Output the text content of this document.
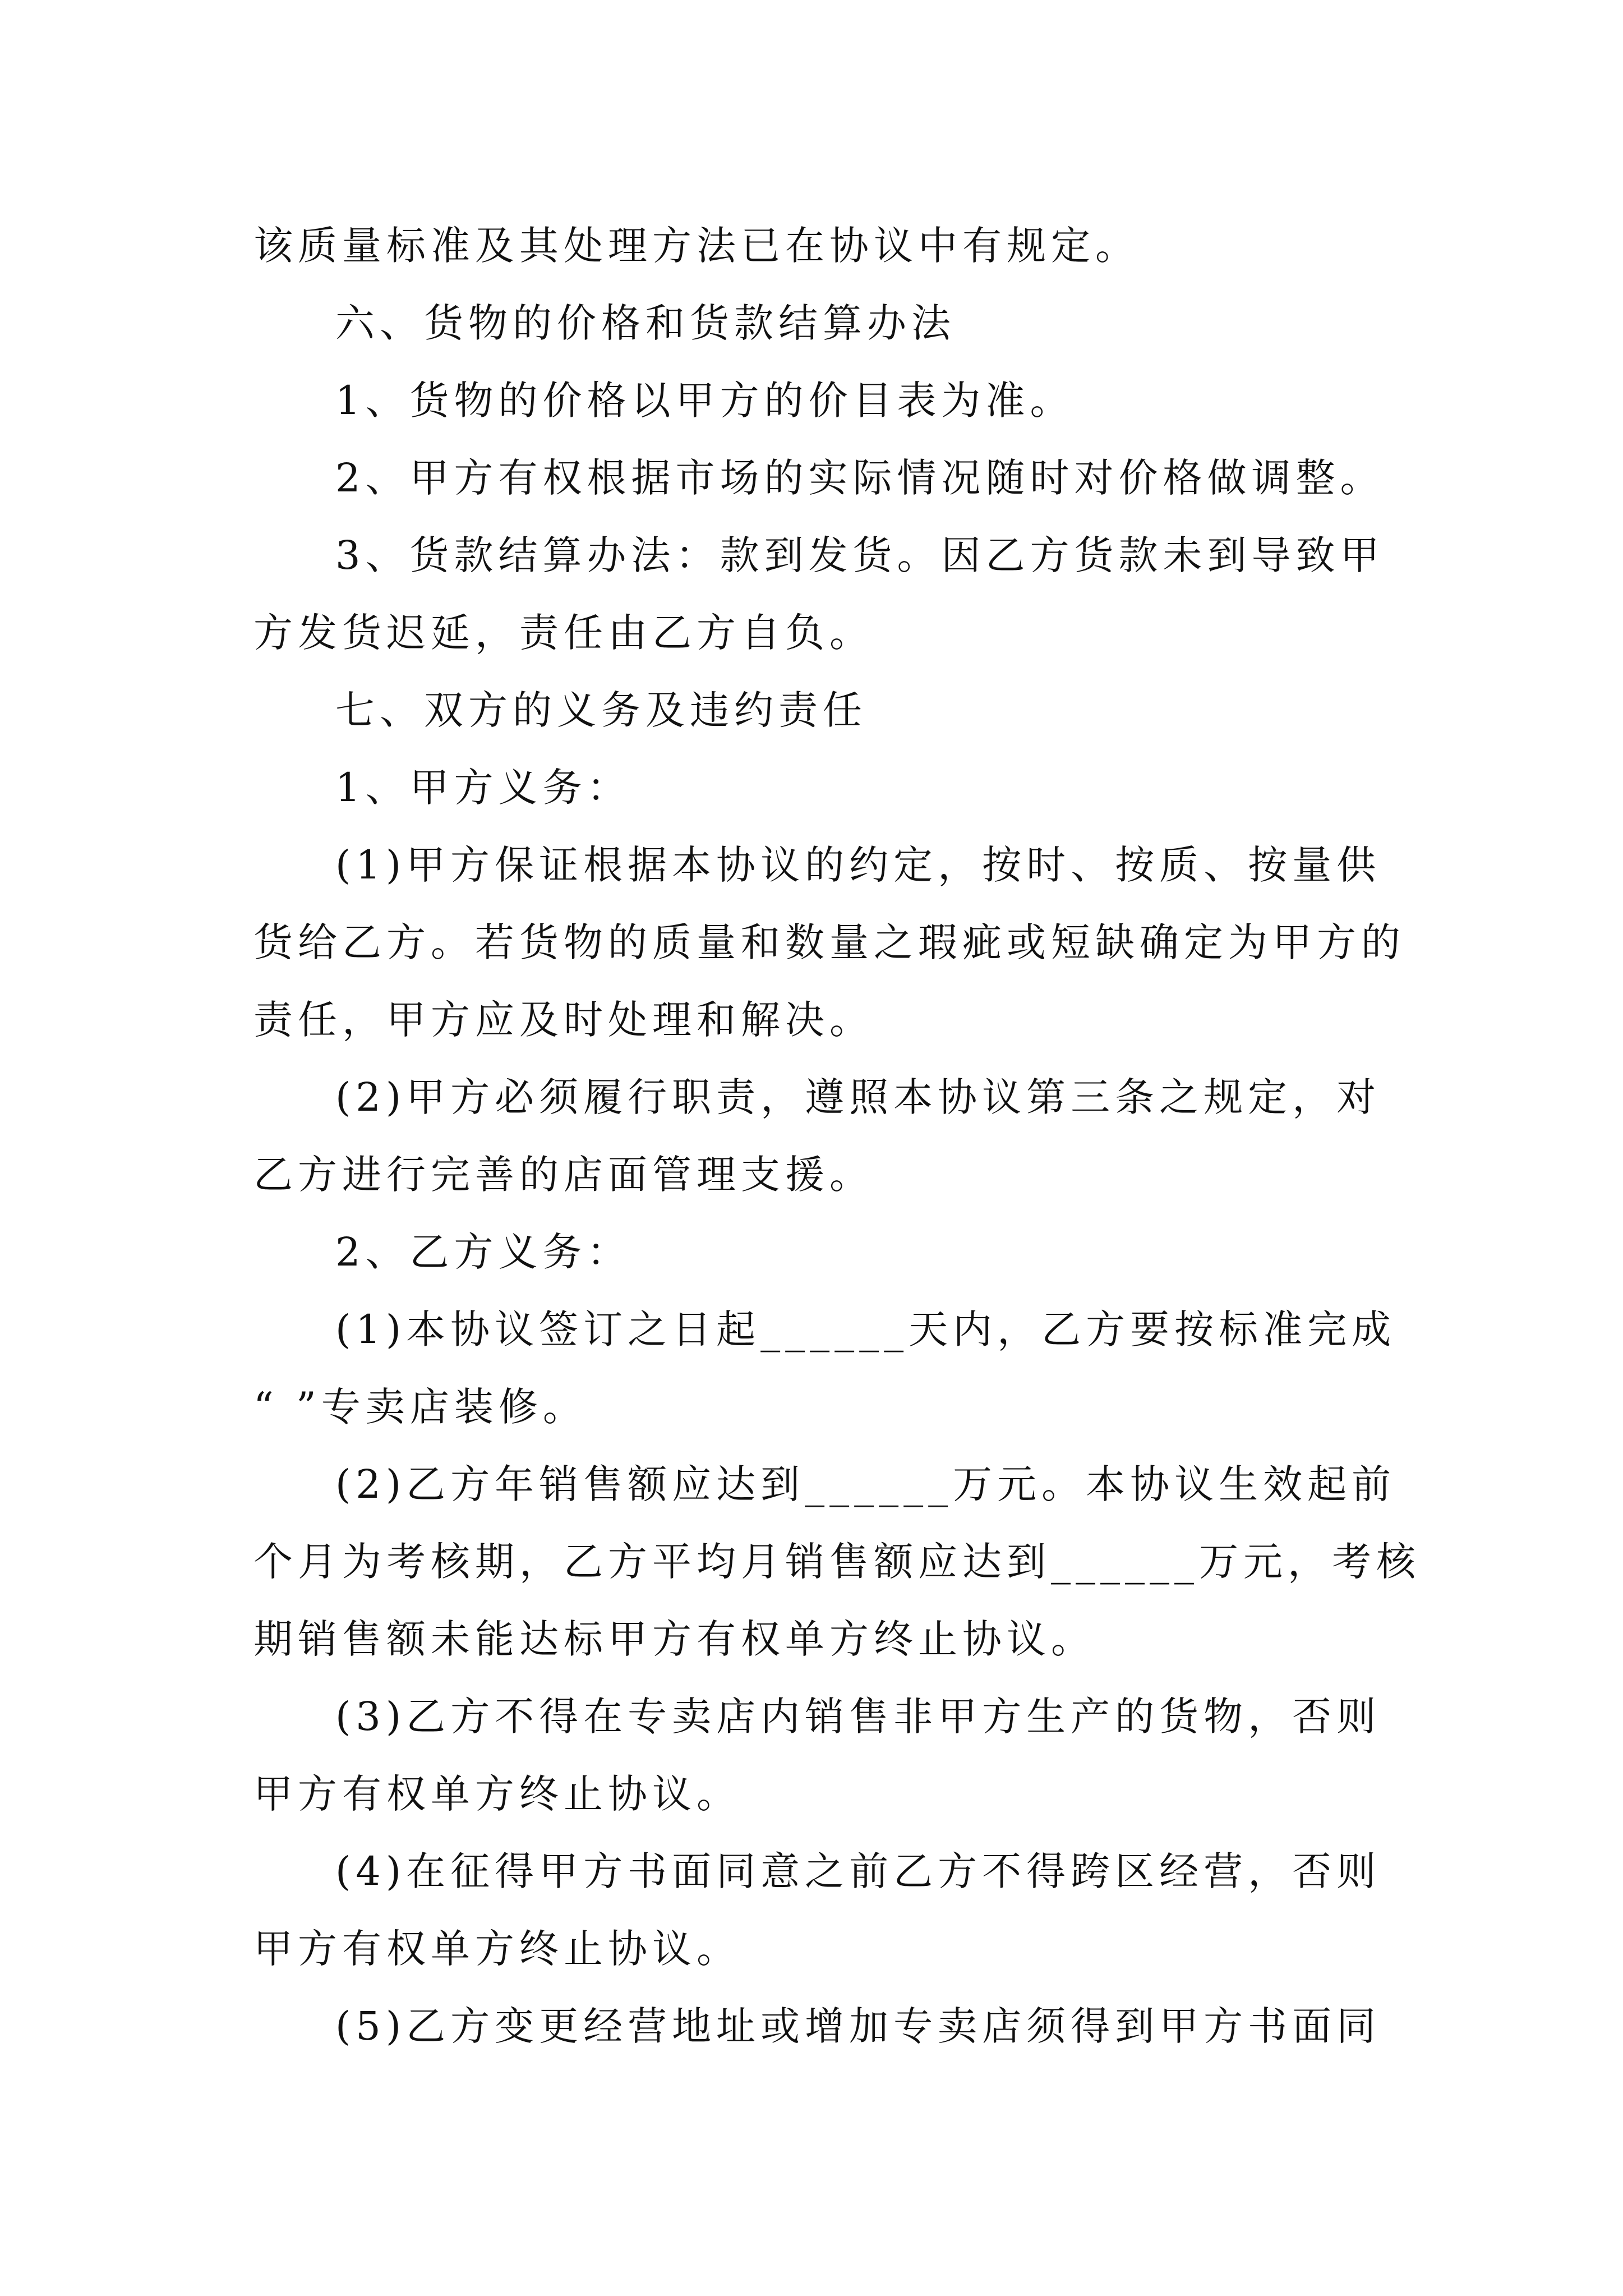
该质量标准及其处理方法已在协议中有规定。
六、货物的价格和货款结算办法
1、货物的价格以甲方的价目表为准。
2、甲方有权根据市场的实际情况随时对价格做调整。
3、货款结算办法：款到发货。因乙方货款未到导致甲
方发货迟延，责任由乙方自负。
七、双方的义务及违约责任
1、甲方义务：
(1)甲方保证根据本协议的约定，按时、按质、按量供
货给乙方。若货物的质量和数量之瑕疵或短缺确定为甲方的
责任，甲方应及时处理和解决。
(2)甲方必须履行职责，遵照本协议第三条之规定，对
乙方进行完善的店面管理支援。
2、乙方义务：
(1)本协议签订之日起______天内，乙方要按标准完成
“ ”专卖店装修。
(2)乙方年销售额应达到______万元。本协议生效起前
个月为考核期，乙方平均月销售额应达到______万元，考核
期销售额未能达标甲方有权单方终止协议。
(3)乙方不得在专卖店内销售非甲方生产的货物，否则
甲方有权单方终止协议。
(4)在征得甲方书面同意之前乙方不得跨区经营，否则
甲方有权单方终止协议。
(5)乙方变更经营地址或增加专卖店须得到甲方书面同
